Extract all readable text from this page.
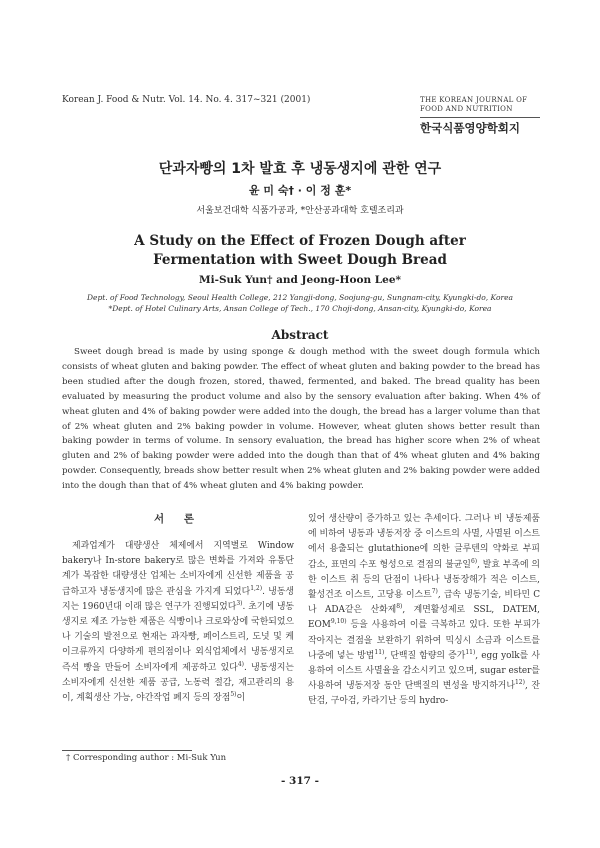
Korean J. Food & Nutr. Vol. 14. No. 4. 317~321 (2001)	THE KOREAN JOURNAL OF
FOOD AND NUTRITION
한국식품영양학회지
단과자빵의 1차 발효 후 냉동생지에 관한 연구
윤 미 숙† · 이 정 훈*
서울보건대학 식품가공과, *안산공과대학 호텔조리과
A Study on the Effect of Frozen Dough after
Fermentation with Sweet Dough Bread
Mi-Suk Yun† and Jeong-Hoon Lee*
Dept. of Food Technology, Seoul Health College, 212 Yangji-dong, Soojung-gu, Sungnam-city, Kyungki-do, Korea
*Dept. of Hotel Culinary Arts, Ansan College of Tech., 170 Choji-dong, Ansan-city, Kyungki-do, Korea
Abstract
Sweet dough bread is made by using sponge & dough method with the sweet dough formula which consists of wheat gluten and baking powder. The effect of wheat gluten and baking powder to the bread has been studied after the dough frozen, stored, thawed, fermented, and baked. The bread quality has been evaluated by measuring the product volume and also by the sensory evaluation after baking. When 4% of wheat gluten and 4% of baking powder were added into the dough, the bread has a larger volume than that of 2% wheat gluten and 2% baking powder in volume. However, wheat gluten shows better result than baking powder in terms of volume. In sensory evaluation, the bread has higher score when 2% of wheat gluten and 2% of baking powder were added into the dough than that of 4% wheat gluten and 4% baking powder. Consequently, breads show better result when 2% wheat gluten and 2% baking powder were added into the dough than that of 4% wheat gluten and 4% baking powder.
서 론
제과업계가 대량생산 체제에서 지역별로 Window bakery나 In-store bakery로 많은 변화를 가져와 유통단계가 복잡한 대량생산 업체는 소비자에게 신선한 제품을 공급하고자 냉동생지에 많은 관심을 가지게 되었다$^{1,2)}$. 냉동생지는 1960년대 이래 많은 연구가 진행되었다$^{3)}$. 초기에 냉동생지로 제조 가능한 제품은 식빵이나 크로와상에 국한되었으나 기술의 발전으로 현재는 과자빵, 페이스트리, 도넛 및 케이크류까지 다양하게 편의점이나 외식업체에서 냉동생지로 즉석 빵을 만들어 소비자에게 제공하고 있다$^{4)}$. 냉동생지는 소비자에게 신선한 제품 공급, 노동력 절감, 재고관리의 용이, 계획생산 가능, 야간작업 폐지 등의 장점$^{5)}$이
있어 생산량이 증가하고 있는 추세이다. 그러나 비 냉동제품에 비하여 냉동과 냉동저장 중 이스트의 사멸, 사멸된 이스트에서 용출되는 glutathione에 의한 글루텐의 약화로 부피 감소, 표면의 수포 형성으로 결점의 불균일$^{6)}$, 발효 부족에 의한 이스트 취 등의 단점이 나타나 냉동장해가 적은 이스트, 활성건조 이스트, 고당용 이스트$^{7)}$, 급속 냉동기술, 비타민 C나 ADA같은 산화제$^{8)}$, 계면활성제로 SSL, DATEM, EOM$^{9,10)}$ 등을 사용하여 이를 극복하고 있다. 또한 부피가 작아지는 결점을 보완하기 위하여 믹싱시 소금과 이스트를 나중에 넣는 방법$^{11)}$, 단백질 함량의 증가$^{11)}$, egg yolk를 사용하여 이스트 사멸율을 감소시키고 있으며, sugar ester를 사용하여 냉동저장 동안 단백질의 변성을 방지하거나$^{12)}$, 잔탄검, 구아검, 카라기난 등의 hydro-
† Corresponding author : Mi-Suk Yun
- 317 -
